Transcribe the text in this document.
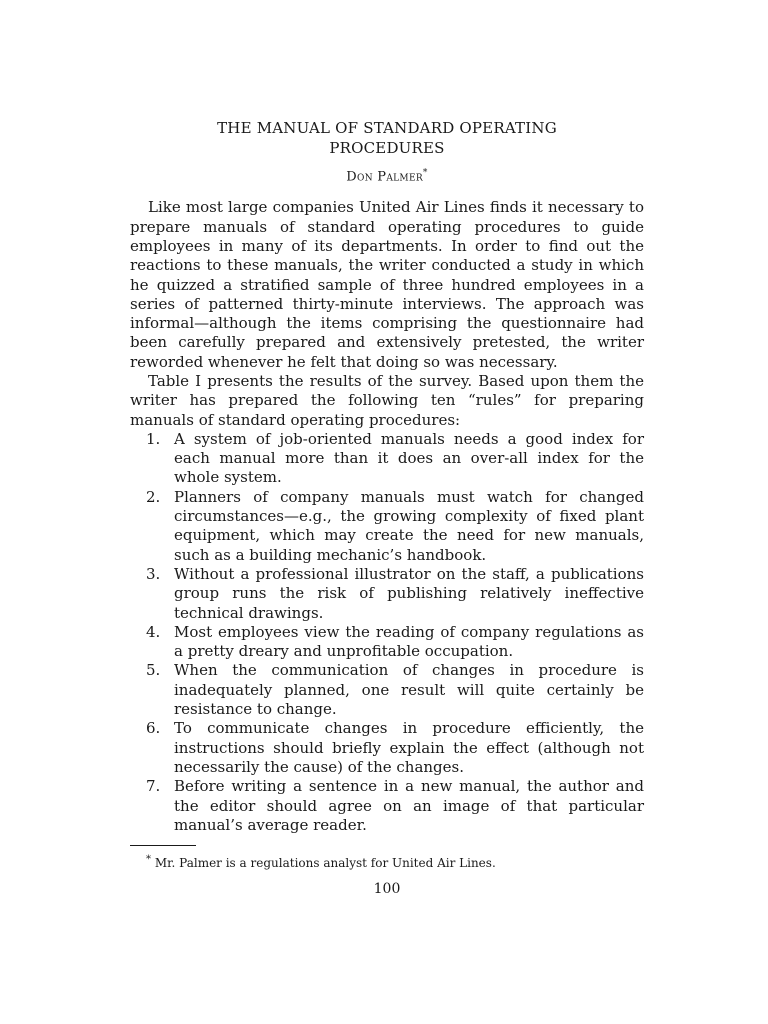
THE MANUAL OF STANDARD OPERATING
PROCEDURES
Don Palmer*

Like most large companies United Air Lines finds it necessary to prepare manuals of standard operating procedures to guide employees in many of its departments. In order to find out the reactions to these manuals, the writer conducted a study in which he quizzed a stratified sample of three hundred employees in a series of patterned thirty-minute interviews. The approach was informal—although the items comprising the questionnaire had been carefully prepared and extensively pretested, the writer reworded whenever he felt that doing so was necessary.

Table I presents the results of the survey. Based upon them the writer has prepared the following ten “rules” for preparing manuals of standard operating procedures:

1. A system of job-oriented manuals needs a good index for each manual more than it does an over-all index for the whole system.
2. Planners of company manuals must watch for changed circumstances—e.g., the growing complexity of fixed plant equipment, which may create the need for new manuals, such as a building mechanic’s handbook.
3. Without a professional illustrator on the staff, a publications group runs the risk of publishing relatively ineffective technical drawings.
4. Most employees view the reading of company regulations as a pretty dreary and unprofitable occupation.
5. When the communication of changes in procedure is inadequately planned, one result will quite certainly be resistance to change.
6. To communicate changes in procedure efficiently, the instructions should briefly explain the effect (although not necessarily the cause) of the changes.
7. Before writing a sentence in a new manual, the author and the editor should agree on an image of that particular manual’s average reader.
* Mr. Palmer is a regulations analyst for United Air Lines.
100
